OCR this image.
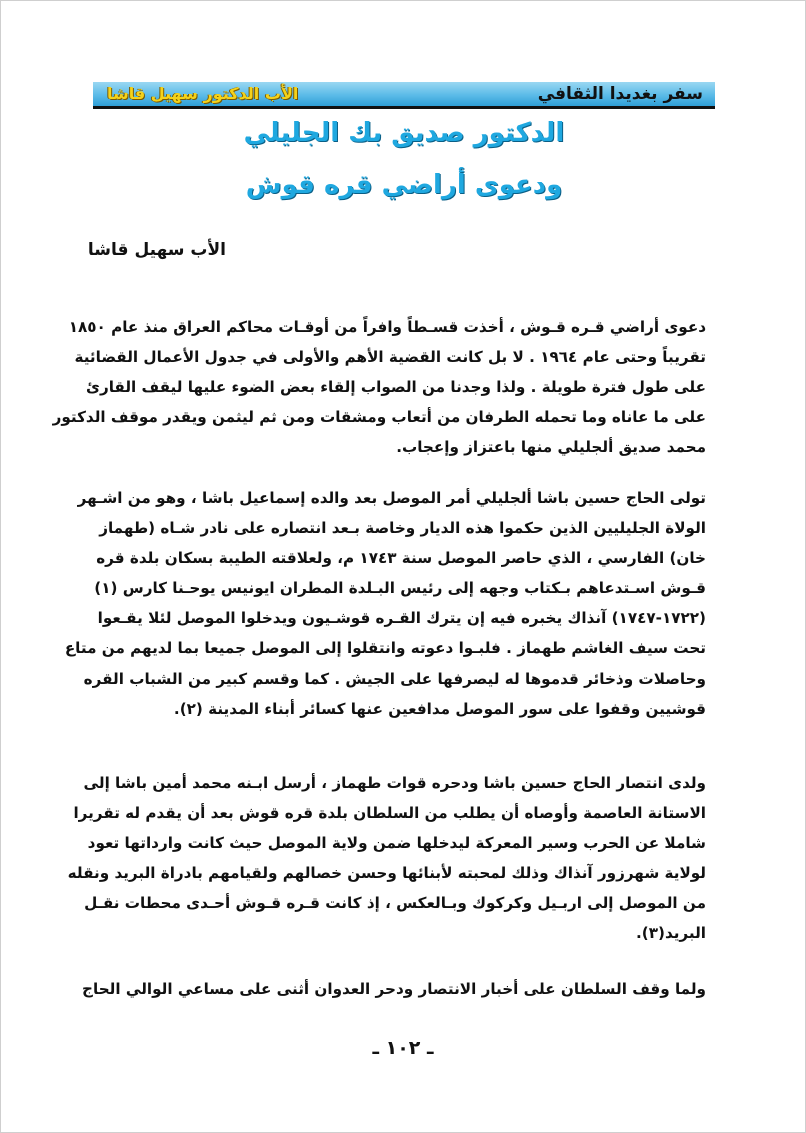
سفر بغديدا الثقافي
الأب الدكتور سهيل قاشا
الدكتور صديق بك الجليلي
ودعوى أراضي قره قوش
الأب سهيل قاشا
دعوى أراضي قـره قـوش ، أخذت قسـطاً وافراً من أوقـات محاكم العراق منذ عام ١٨٥٠
تقريباً وحتى عام ١٩٦٤ . لا بل كانت القضية الأهم والأولى في جدول الأعمال القضائية
على طول فترة طويلة . ولذا وجدنا من الصواب إلقاء بعض الضوء عليها ليقف القارئ
على ما عاناه وما تحمله الطرفان من أتعاب ومشقات ومن ثم ليثمن ويقدر موقف الدكتور
محمد صديق ألجليلي منها باعتزاز وإعجاب.
تولى الحاج حسين باشا ألجليلي أمر الموصل بعد والده إسماعيل باشا ، وهو من اشـهر
الولاة الجليليين الذين حكموا هذه الديار وخاصة بـعد انتصاره على نادر شـاه (طهماز
خان) الفارسي ، الذي حاصر الموصل سنة ١٧٤٣ م، ولعلاقته الطيبة بسكان بلدة قره
قـوش اسـتدعاهم بـكتاب وجهه إلى رئيس البـلدة المطران ايونيس يوحـنا كارس (١)
(١٧٢٢-١٧٤٧) آنذاك يخبره فيه إن يترك القـره قوشـيون ويدخلوا الموصل لئلا يقـعوا
تحت سيف الغاشم طهماز . فلبـوا دعوته وانتقلوا إلى الموصل جميعا بما لديهم من متاع
وحاصلات وذخائر قدموها له ليصرفها على الجيش . كما وقسم كبير من الشباب القره
قوشيين وقفوا على سور الموصل مدافعين عنها كسائر أبناء المدينة (٢).
ولدى انتصار الحاج حسين باشا ودحره قوات طهماز ، أرسل ابـنه محمد أمين باشا إلى
الاستانة العاصمة وأوصاه أن يطلب من السلطان بلدة قره قوش بعد أن يقدم له تقريرا
شاملا عن الحرب وسير المعركة ليدخلها ضمن ولاية الموصل حيث كانت وارداتها تعود
لولاية شهرزور آنذاك وذلك لمحبته لأبنائها وحسن خصالهم ولقيامهم بادراة البريد ونقله
من الموصل إلى اربـيل وكركوك وبـالعكس ، إذ كانت قـره قـوش أحـدى محطات نقـل
البريد(٣).
ولما وقف السلطان على أخبار الانتصار ودحر العدوان أثنى على مساعي الوالي الحاج
ـ ١٠٢ ـ
